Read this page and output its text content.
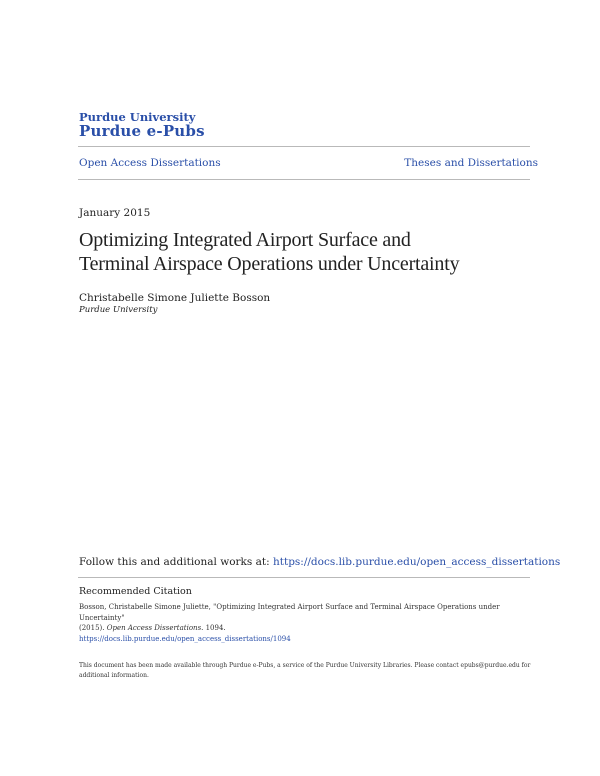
Purdue University
Purdue e-Pubs
Open Access Dissertations	Theses and Dissertations
January 2015
Optimizing Integrated Airport Surface and
Terminal Airspace Operations under Uncertainty
Christabelle Simone Juliette Bosson
Purdue University
Follow this and additional works at: https://docs.lib.purdue.edu/open_access_dissertations
Recommended Citation
Bosson, Christabelle Simone Juliette, "Optimizing Integrated Airport Surface and Terminal Airspace Operations under Uncertainty"
(2015). Open Access Dissertations. 1094.
https://docs.lib.purdue.edu/open_access_dissertations/1094
This document has been made available through Purdue e-Pubs, a service of the Purdue University Libraries. Please contact epubs@purdue.edu for
additional information.
